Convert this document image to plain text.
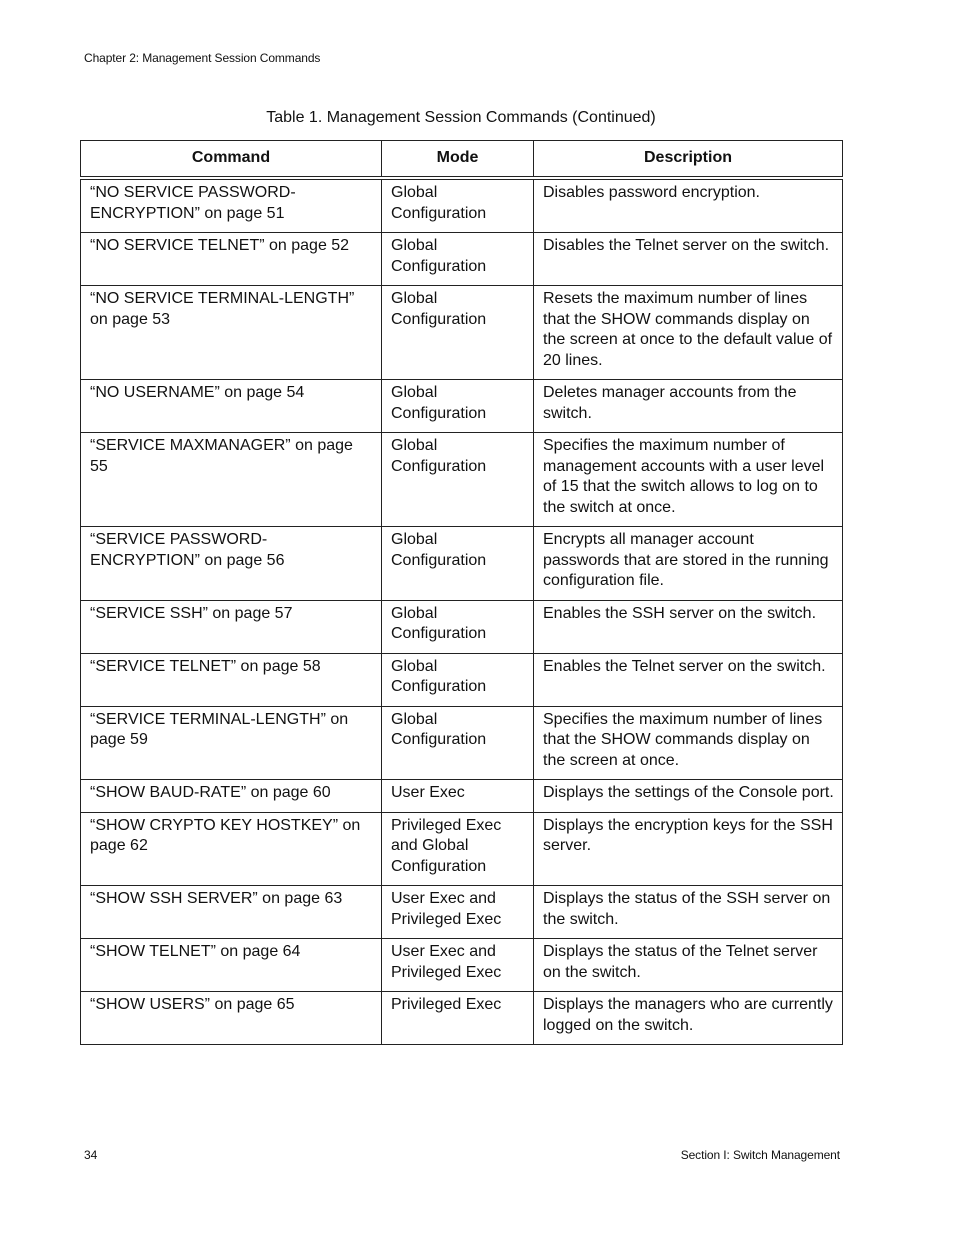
Chapter 2: Management Session Commands
Table 1. Management Session Commands (Continued)
Command	Mode	Description
“NO SERVICE PASSWORD-ENCRYPTION” on page 51	Global Configuration	Disables password encryption.
“NO SERVICE TELNET” on page 52	Global Configuration	Disables the Telnet server on the switch.
“NO SERVICE TERMINAL-LENGTH” on page 53	Global Configuration	Resets the maximum number of lines that the SHOW commands display on the screen at once to the default value of 20 lines.
“NO USERNAME” on page 54	Global Configuration	Deletes manager accounts from the switch.
“SERVICE MAXMANAGER” on page 55	Global Configuration	Specifies the maximum number of management accounts with a user level of 15 that the switch allows to log on to the switch at once.
“SERVICE PASSWORD-ENCRYPTION” on page 56	Global Configuration	Encrypts all manager account passwords that are stored in the running configuration file.
“SERVICE SSH” on page 57	Global Configuration	Enables the SSH server on the switch.
“SERVICE TELNET” on page 58	Global Configuration	Enables the Telnet server on the switch.
“SERVICE TERMINAL-LENGTH” on page 59	Global Configuration	Specifies the maximum number of lines that the SHOW commands display on the screen at once.
“SHOW BAUD-RATE” on page 60	User Exec	Displays the settings of the Console port.
“SHOW CRYPTO KEY HOSTKEY” on page 62	Privileged Exec and Global Configuration	Displays the encryption keys for the SSH server.
“SHOW SSH SERVER” on page 63	User Exec and Privileged Exec	Displays the status of the SSH server on the switch.
“SHOW TELNET” on page 64	User Exec and Privileged Exec	Displays the status of the Telnet server on the switch.
“SHOW USERS” on page 65	Privileged Exec	Displays the managers who are currently logged on the switch.
34	Section I: Switch Management
